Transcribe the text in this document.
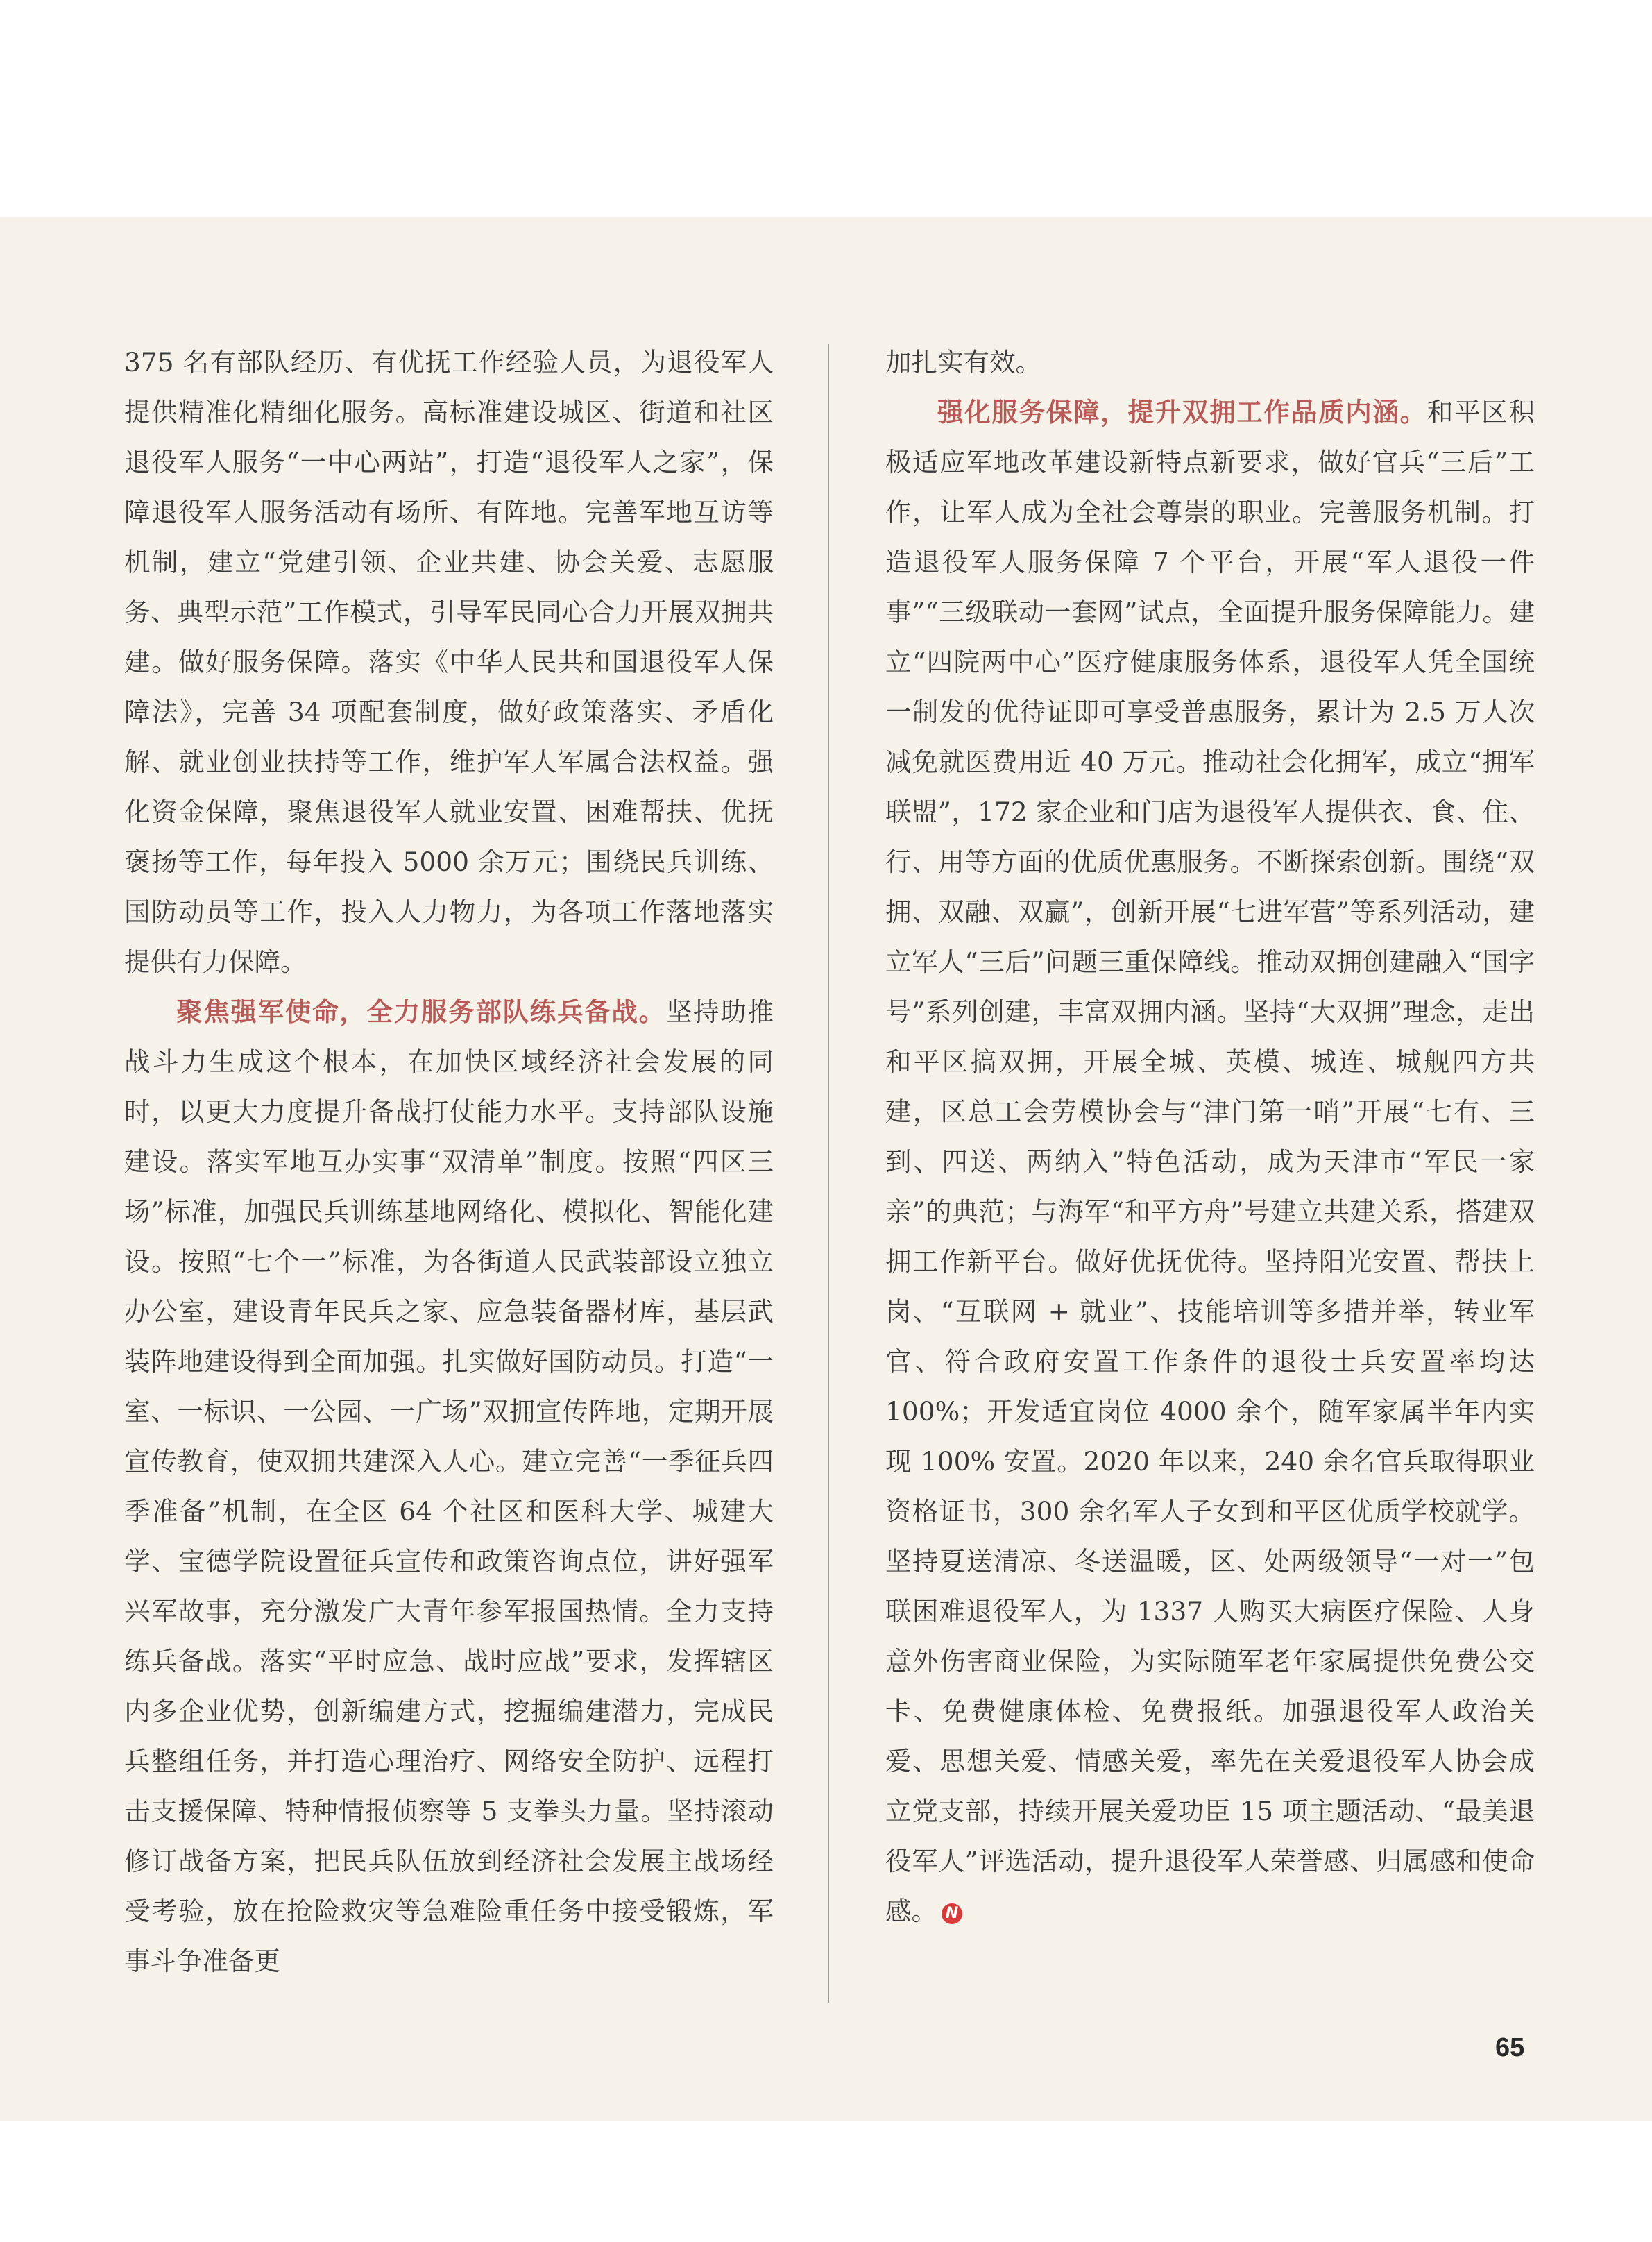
375 名有部队经历、有优抚工作经验人员，为退役军人提供精准化精细化服务。高标准建设城区、街道和社区退役军人服务“一中心两站”，打造“退役军人之家”，保障退役军人服务活动有场所、有阵地。完善军地互访等机制，建立“党建引领、企业共建、协会关爱、志愿服务、典型示范”工作模式，引导军民同心合力开展双拥共建。做好服务保障。落实《中华人民共和国退役军人保障法》，完善 34 项配套制度，做好政策落实、矛盾化解、就业创业扶持等工作，维护军人军属合法权益。强化资金保障，聚焦退役军人就业安置、困难帮扶、优抚褒扬等工作，每年投入 5000 余万元；围绕民兵训练、国防动员等工作，投入人力物力，为各项工作落地落实提供有力保障。

聚焦强军使命，全力服务部队练兵备战。坚持助推战斗力生成这个根本，在加快区域经济社会发展的同时，以更大力度提升备战打仗能力水平。支持部队设施建设。落实军地互办实事“双清单”制度。按照“四区三场”标准，加强民兵训练基地网络化、模拟化、智能化建设。按照“七个一”标准，为各街道人民武装部设立独立办公室，建设青年民兵之家、应急装备器材库，基层武装阵地建设得到全面加强。扎实做好国防动员。打造“一室、一标识、一公园、一广场”双拥宣传阵地，定期开展宣传教育，使双拥共建深入人心。建立完善“一季征兵四季准备”机制，在全区 64 个社区和医科大学、城建大学、宝德学院设置征兵宣传和政策咨询点位，讲好强军兴军故事，充分激发广大青年参军报国热情。全力支持练兵备战。落实“平时应急、战时应战”要求，发挥辖区内多企业优势，创新编建方式，挖掘编建潜力，完成民兵整组任务，并打造心理治疗、网络安全防护、远程打击支援保障、特种情报侦察等 5 支拳头力量。坚持滚动修订战备方案，把民兵队伍放到经济社会发展主战场经受考验，放在抢险救灾等急难险重任务中接受锻炼，军事斗争准备更

加扎实有效。

强化服务保障，提升双拥工作品质内涵。和平区积极适应军地改革建设新特点新要求，做好官兵“三后”工作，让军人成为全社会尊崇的职业。完善服务机制。打造退役军人服务保障 7 个平台，开展“军人退役一件事”“三级联动一套网”试点，全面提升服务保障能力。建立“四院两中心”医疗健康服务体系，退役军人凭全国统一制发的优待证即可享受普惠服务，累计为 2.5 万人次减免就医费用近 40 万元。推动社会化拥军，成立“拥军联盟”，172 家企业和门店为退役军人提供衣、食、住、行、用等方面的优质优惠服务。不断探索创新。围绕“双拥、双融、双赢”，创新开展“七进军营”等系列活动，建立军人“三后”问题三重保障线。推动双拥创建融入“国字号”系列创建，丰富双拥内涵。坚持“大双拥”理念，走出和平区搞双拥，开展全城、英模、城连、城舰四方共建，区总工会劳模协会与“津门第一哨”开展“七有、三到、四送、两纳入”特色活动，成为天津市“军民一家亲”的典范；与海军“和平方舟”号建立共建关系，搭建双拥工作新平台。做好优抚优待。坚持阳光安置、帮扶上岗、“互联网 + 就业”、技能培训等多措并举，转业军官、符合政府安置工作条件的退役士兵安置率均达 100%；开发适宜岗位 4000 余个，随军家属半年内实现 100% 安置。2020 年以来，240 余名官兵取得职业资格证书，300 余名军人子女到和平区优质学校就学。坚持夏送清凉、冬送温暖，区、处两级领导“一对一”包联困难退役军人，为 1337 人购买大病医疗保险、人身意外伤害商业保险，为实际随军老年家属提供免费公交卡、免费健康体检、免费报纸。加强退役军人政治关爱、思想关爱、情感关爱，率先在关爱退役军人协会成立党支部，持续开展关爱功臣 15 项主题活动、“最美退役军人”评选活动，提升退役军人荣誉感、归属感和使命感。 N

65
